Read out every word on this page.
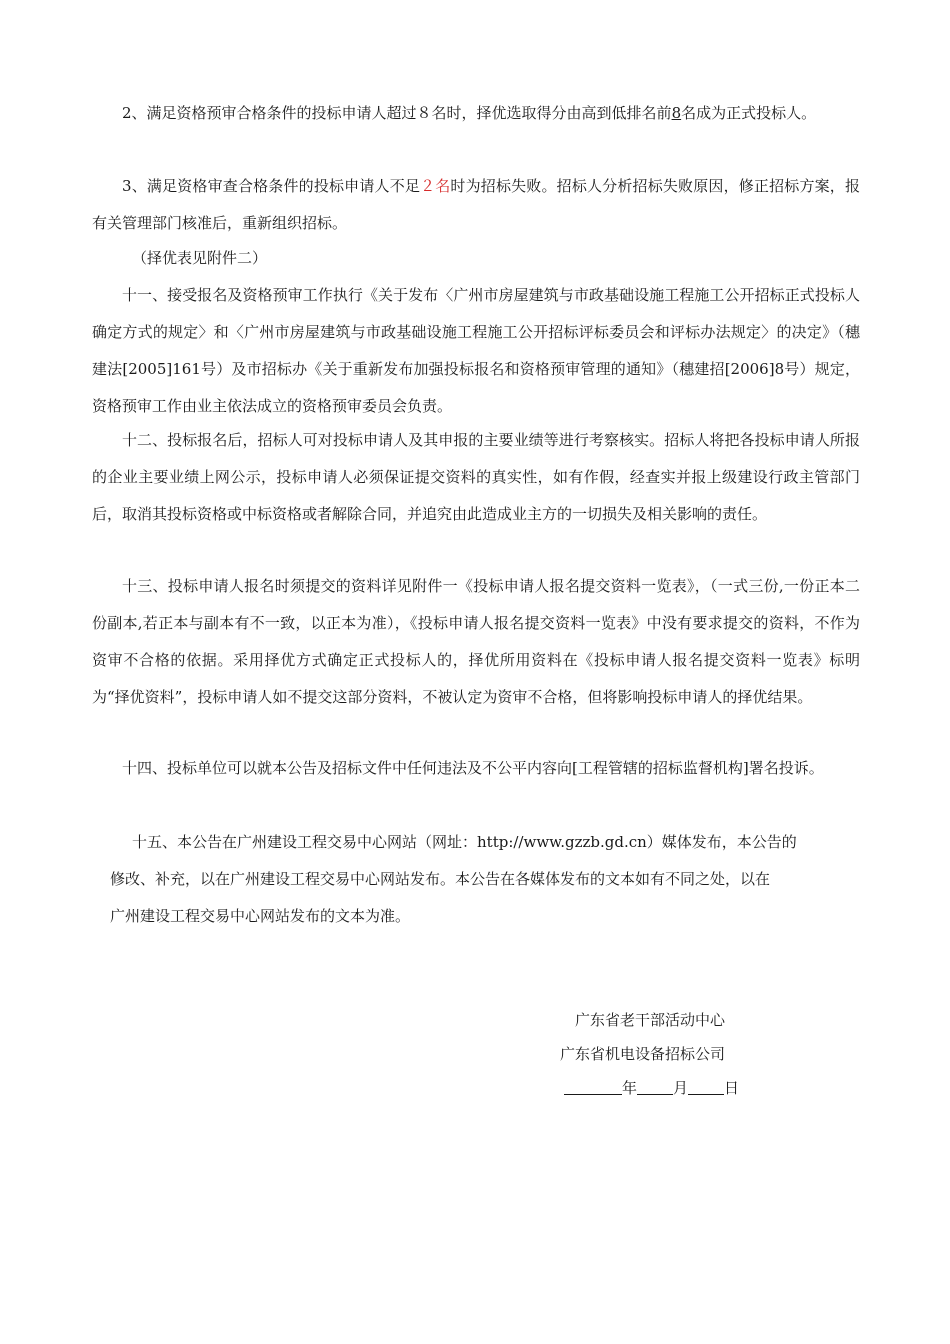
2、满足资格预审合格条件的投标申请人超过８名时，择优选取得分由高到低排名前8名成为正式投标人。

3、满足资格审查合格条件的投标申请人不足２名时为招标失败。招标人分析招标失败原因，修正招标方案，报有关管理部门核准后，重新组织招标。

（择优表见附件二）

十一、接受报名及资格预审工作执行《关于发布〈广州市房屋建筑与市政基础设施工程施工公开招标正式投标人确定方式的规定〉和〈广州市房屋建筑与市政基础设施工程施工公开招标评标委员会和评标办法规定〉的决定》（穗建法[2005]161号）及市招标办《关于重新发布加强投标报名和资格预审管理的通知》（穗建招[2006]8号）规定，资格预审工作由业主依法成立的资格预审委员会负责。

十二、投标报名后，招标人可对投标申请人及其申报的主要业绩等进行考察核实。招标人将把各投标申请人所报的企业主要业绩上网公示，投标申请人必须保证提交资料的真实性，如有作假，经查实并报上级建设行政主管部门后，取消其投标资格或中标资格或者解除合同，并追究由此造成业主方的一切损失及相关影响的责任。

十三、投标申请人报名时须提交的资料详见附件一《投标申请人报名提交资料一览表》，（一式三份,一份正本二份副本,若正本与副本有不一致，以正本为准），《投标申请人报名提交资料一览表》中没有要求提交的资料，不作为资审不合格的依据。采用择优方式确定正式投标人的，择优所用资料在《投标申请人报名提交资料一览表》标明为“择优资料”，投标申请人如不提交这部分资料，不被认定为资审不合格，但将影响投标申请人的择优结果。

十四、投标单位可以就本公告及招标文件中任何违法及不公平内容向[工程管辖的招标监督机构]署名投诉。

十五、本公告在广州建设工程交易中心网站（网址：http://www.gzzb.gd.cn）媒体发布，本公告的
修改、补充，以在广州建设工程交易中心网站发布。本公告在各媒体发布的文本如有不同之处，以在
广州建设工程交易中心网站发布的文本为准。
广东省老干部活动中心
广东省机电设备招标公司
年 月 日
